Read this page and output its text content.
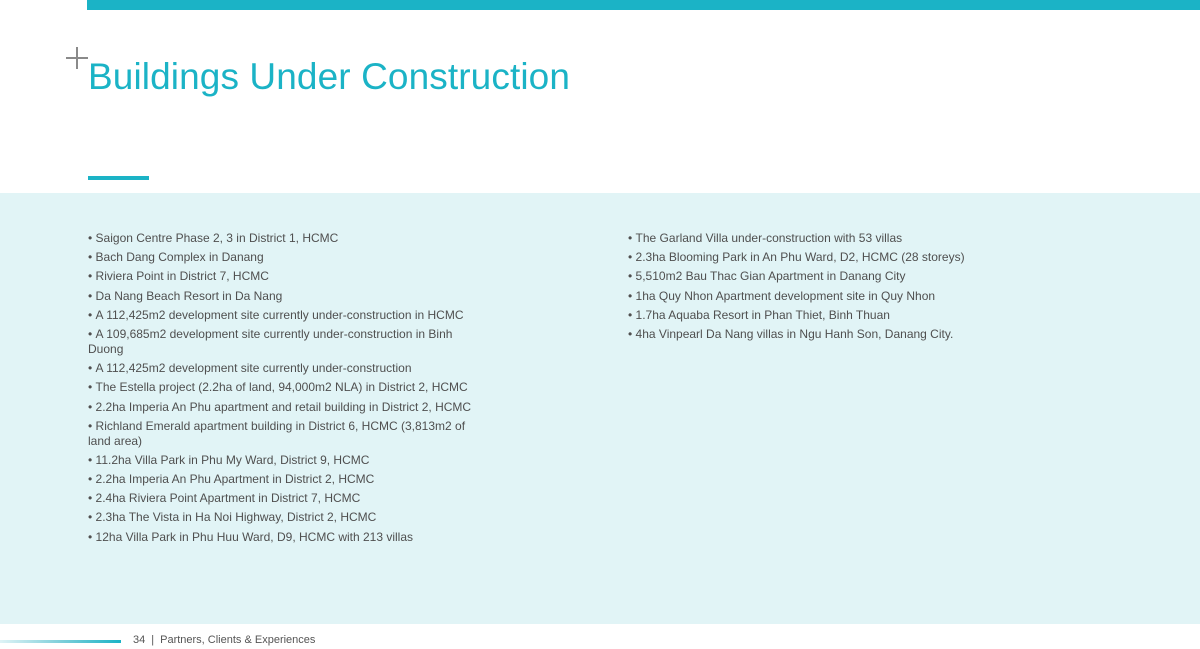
Buildings Under Construction
• Saigon Centre Phase 2, 3 in District 1, HCMC
• Bach Dang Complex in Danang
• Riviera Point in District 7, HCMC
• Da Nang Beach Resort in Da Nang
• A 112,425m2 development site currently under-construction in HCMC
• A 109,685m2 development site currently under-construction in Binh Duong
• A 112,425m2 development site currently under-construction
• The Estella project (2.2ha of land, 94,000m2 NLA) in District 2, HCMC
• 2.2ha Imperia An Phu apartment and retail building in District 2, HCMC
• Richland Emerald apartment building in District 6, HCMC (3,813m2 of land area)
• 11.2ha Villa Park in Phu My Ward, District 9, HCMC
• 2.2ha Imperia An Phu Apartment in District 2, HCMC
• 2.4ha Riviera Point Apartment in District 7, HCMC
• 2.3ha The Vista in Ha Noi Highway, District 2, HCMC
• 12ha Villa Park in Phu Huu Ward, D9, HCMC with 213 villas
• The Garland Villa under-construction with 53 villas
• 2.3ha Blooming Park in An Phu Ward, D2, HCMC (28 storeys)
• 5,510m2 Bau Thac Gian Apartment in Danang City
• 1ha Quy Nhon Apartment development site in Quy Nhon
• 1.7ha Aquaba Resort in Phan Thiet, Binh Thuan
• 4ha Vinpearl Da Nang villas in Ngu Hanh Son, Danang City.
34 | Partners, Clients & Experiences
